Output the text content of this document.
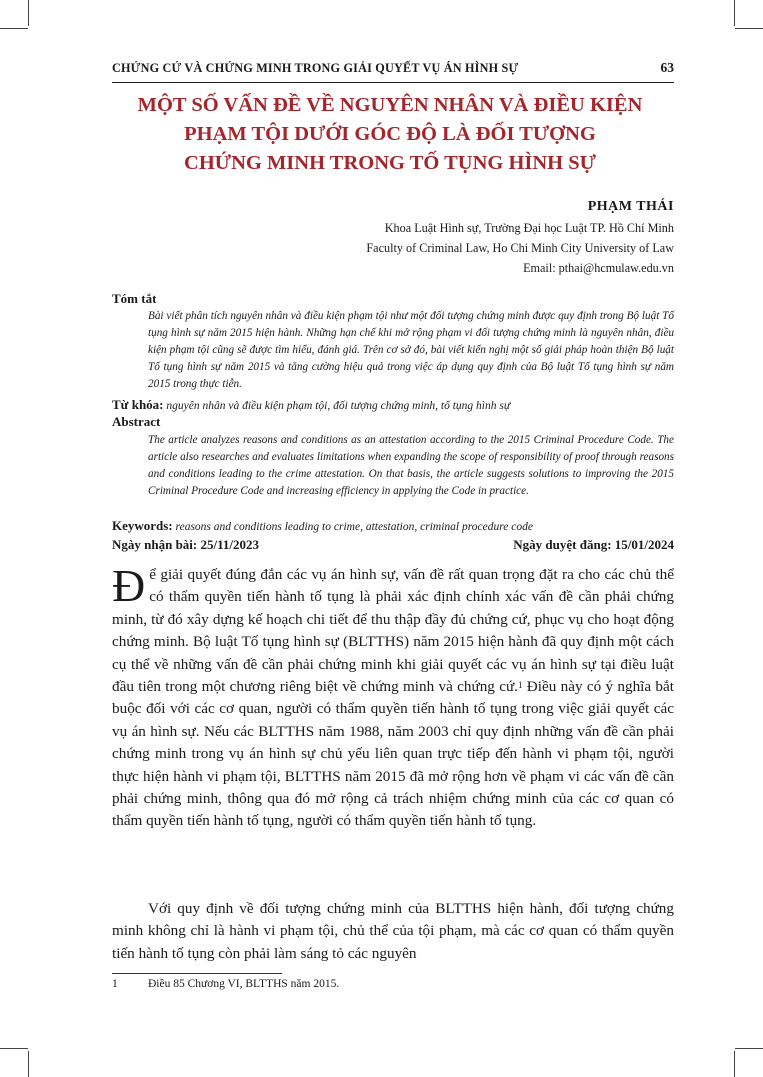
CHỨNG CỨ VÀ CHỨNG MINH TRONG GIẢI QUYẾT VỤ ÁN HÌNH SỰ	63
MỘT SỐ VẤN ĐỀ VỀ NGUYÊN NHÂN VÀ ĐIỀU KIỆN
PHẠM TỘI DƯỚI GÓC ĐỘ LÀ ĐỐI TƯỢNG
CHỨNG MINH TRONG TỐ TỤNG HÌNH SỰ
PHẠM THÁI
Khoa Luật Hình sự, Trường Đại học Luật TP. Hồ Chí Minh
Faculty of Criminal Law, Ho Chi Minh City University of Law
Email: pthai@hcmulaw.edu.vn
Tóm tắt

Bài viết phân tích nguyên nhân và điều kiện phạm tội như một đối tượng chứng minh được quy định trong Bộ luật Tố tụng hình sự năm 2015 hiện hành. Những hạn chế khi mở rộng phạm vi đối tượng chứng minh là nguyên nhân, điều kiện phạm tội cũng sẽ được tìm hiểu, đánh giá. Trên cơ sở đó, bài viết kiến nghị một số giải pháp hoàn thiện Bộ luật Tố tụng hình sự năm 2015 và tăng cường hiệu quả trong việc áp dụng quy định của Bộ luật Tố tụng hình sự năm 2015 trong thực tiễn.

Từ khóa: nguyên nhân và điều kiện phạm tội, đối tượng chứng minh, tố tụng hình sự
Abstract

The article analyzes reasons and conditions as an attestation according to the 2015 Criminal Procedure Code. The article also researches and evaluates limitations when expanding the scope of responsibility of proof through reasons and conditions leading to the crime attestation. On that basis, the article suggests solutions to improving the 2015 Criminal Procedure Code and increasing efficiency in applying the Code in practice.

Keywords: reasons and conditions leading to crime, attestation, criminal procedure code
Ngày nhận bài: 25/11/2023	Ngày duyệt đăng: 15/01/2024

Để giải quyết đúng đắn các vụ án hình sự, vấn đề rất quan trọng đặt ra cho các chủ thể có thẩm quyền tiến hành tố tụng là phải xác định chính xác vấn đề cần phải chứng minh, từ đó xây dựng kế hoạch chi tiết để thu thập đầy đủ chứng cứ, phục vụ cho hoạt động chứng minh. Bộ luật Tố tụng hình sự (BLTTHS) năm 2015 hiện hành đã quy định một cách cụ thể về những vấn đề cần phải chứng minh khi giải quyết các vụ án hình sự tại điều luật đầu tiên trong một chương riêng biệt về chứng minh và chứng cứ.$^1$ Điều này có ý nghĩa bắt buộc đối với các cơ quan, người có thẩm quyền tiến hành tố tụng trong việc giải quyết các vụ án hình sự. Nếu các BLTTHS năm 1988, năm 2003 chỉ quy định những vấn đề cần phải chứng minh trong vụ án hình sự chủ yếu liên quan trực tiếp đến hành vi phạm tội, người thực hiện hành vi phạm tội, BLTTHS năm 2015 đã mở rộng hơn về phạm vi các vấn đề cần phải chứng minh, thông qua đó mở rộng cả trách nhiệm chứng minh của các cơ quan có thẩm quyền tiến hành tố tụng, người có thẩm quyền tiến hành tố tụng.

Với quy định về đối tượng chứng minh của BLTTHS hiện hành, đối tượng chứng minh không chỉ là hành vi phạm tội, chủ thể của tội phạm, mà các cơ quan có thẩm quyền tiến hành tố tụng còn phải làm sáng tỏ các nguyên

1	Điều 85 Chương VI, BLTTHS năm 2015.
